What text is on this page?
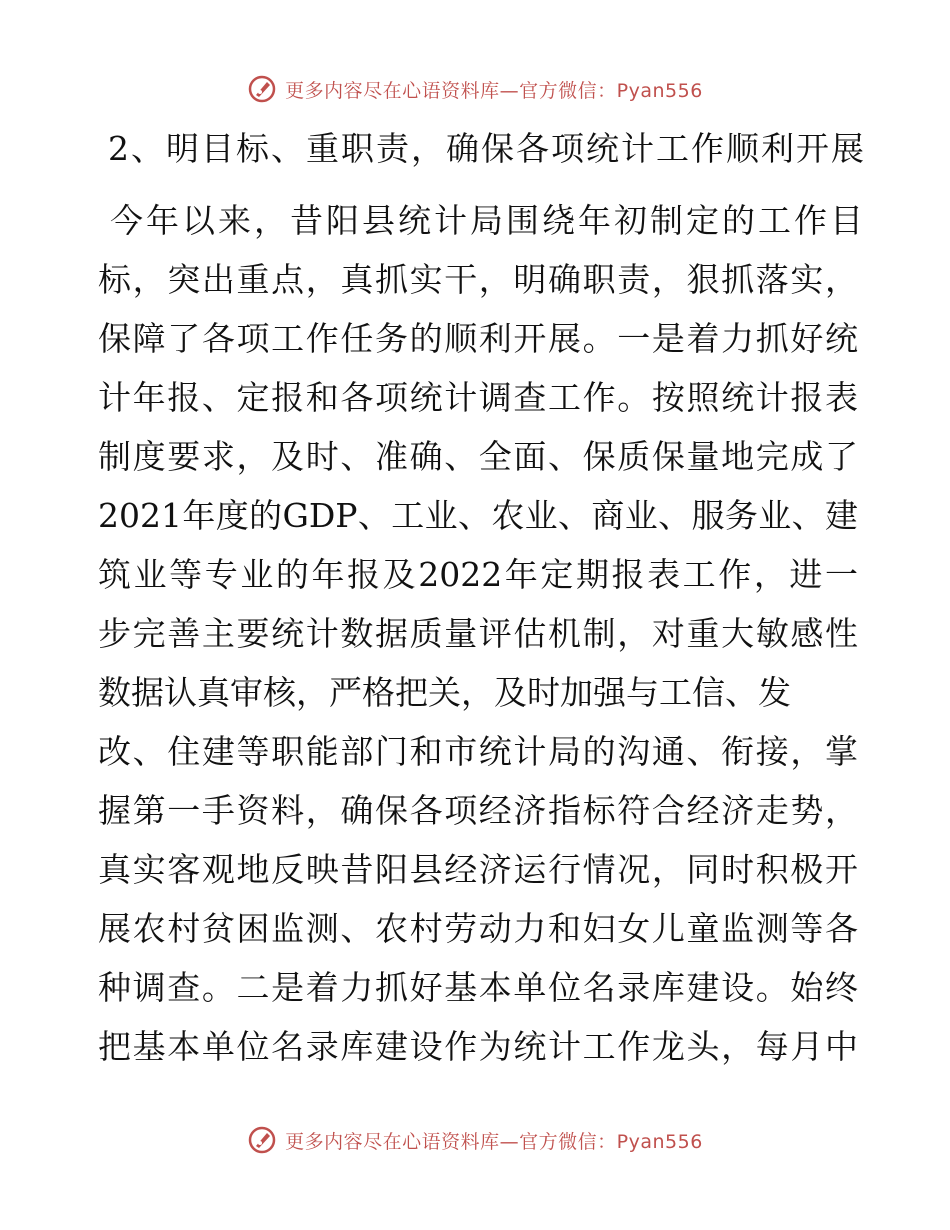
更多内容尽在心语资料库—官方微信：Pyan556
2、明目标、重职责，确保各项统计工作顺利开展
今年以来，昔阳县统计局围绕年初制定的工作目
标，突出重点，真抓实干，明确职责，狠抓落实，
保障了各项工作任务的顺利开展。一是着力抓好统
计年报、定报和各项统计调查工作。按照统计报表
制度要求，及时、准确、全面、保质保量地完成了
2021年度的GDP、工业、农业、商业、服务业、建
筑业等专业的年报及2022年定期报表工作，进一
步完善主要统计数据质量评估机制，对重大敏感性
数据认真审核，严格把关，及时加强与工信、发
改、住建等职能部门和市统计局的沟通、衔接，掌
握第一手资料，确保各项经济指标符合经济走势，
真实客观地反映昔阳县经济运行情况，同时积极开
展农村贫困监测、农村劳动力和妇女儿童监测等各
种调查。二是着力抓好基本单位名录库建设。始终
把基本单位名录库建设作为统计工作龙头，每月中
更多内容尽在心语资料库—官方微信：Pyan556
